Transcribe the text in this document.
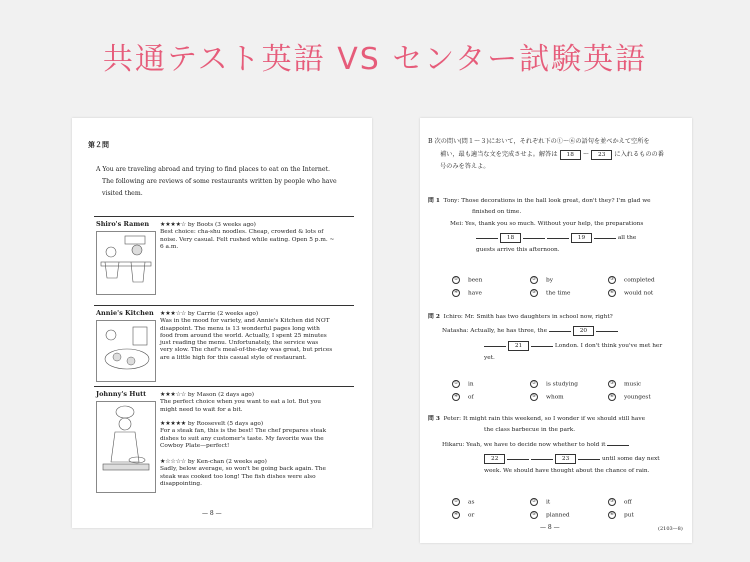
共通テスト英語 VS センター試験英語
第２問
A You are traveling abroad and trying to find places to eat on the Internet.
The following are reviews of some restaurants written by people who have
visited them.
Shiro's Ramen ★★★★☆ by Boots (3 weeks ago)
Best choice: cha-shu noodles. Cheap, crowded & lots of
noise. Very casual. Felt rushed while eating. Open 5 p.m. ~
6 a.m.
Annie's Kitchen ★★★☆☆ by Carrie (2 weeks ago)
Was in the mood for variety, and Annie's Kitchen did NOT
disappoint. The menu is 13 wonderful pages long with
food from around the world. Actually, I spent 25 minutes
just reading the menu. Unfortunately, the service was
very slow. The chef's meal-of-the-day was great, but prices
are a little high for this casual style of restaurant.
Johnny's Hutt ★★★☆☆ by Mason (2 days ago)
The perfect choice when you want to eat a lot. But you
might need to wait for a bit.
★★★★★ by Roosevelt (5 days ago)
For a steak fan, this is the best! The chef prepares steak
dishes to suit any customer's taste. My favorite was the
Cowboy Plate—perfect!
★☆☆☆☆ by Ken-chan (2 weeks ago)
Sadly, below average, so won't be going back again. The
steak was cooked too long! The fish dishes were also
disappointing.
— 8 —
B 次の問い(問１～３)において，それぞれ下の①～⑥の語句を並べかえて空所を
補い，最も適当な文を完成させよ。解答は 18 ～ 23 に入れるものの番
号のみを答えよ。
問 1 Tony: Those decorations in the hall look great, don't they? I'm glad we
finished on time.
Mei: Yes, thank you so much. Without your help, the preparations
18	19	all the
guests arrive this afternoon.
① been	② by	③ completed
④ have	⑤ the time	⑥ would not
問 2 Ichiro: Mr. Smith has two daughters in school now, right?
Natasha: Actually, he has three, the	20
21	London. I don't think you've met her
yet.
① in	② is studying	③ music
④ of	⑤ whom	⑥ youngest
問 3 Peter: It might rain this weekend, so I wonder if we should still have
the class barbecue in the park.
Hikaru: Yeah, we have to decide now whether to hold it
22	23	until some day next
week. We should have thought about the chance of rain.
① as	② it	③ off
④ or	⑤ planned	⑥ put
— 8 —	(2103—8)
